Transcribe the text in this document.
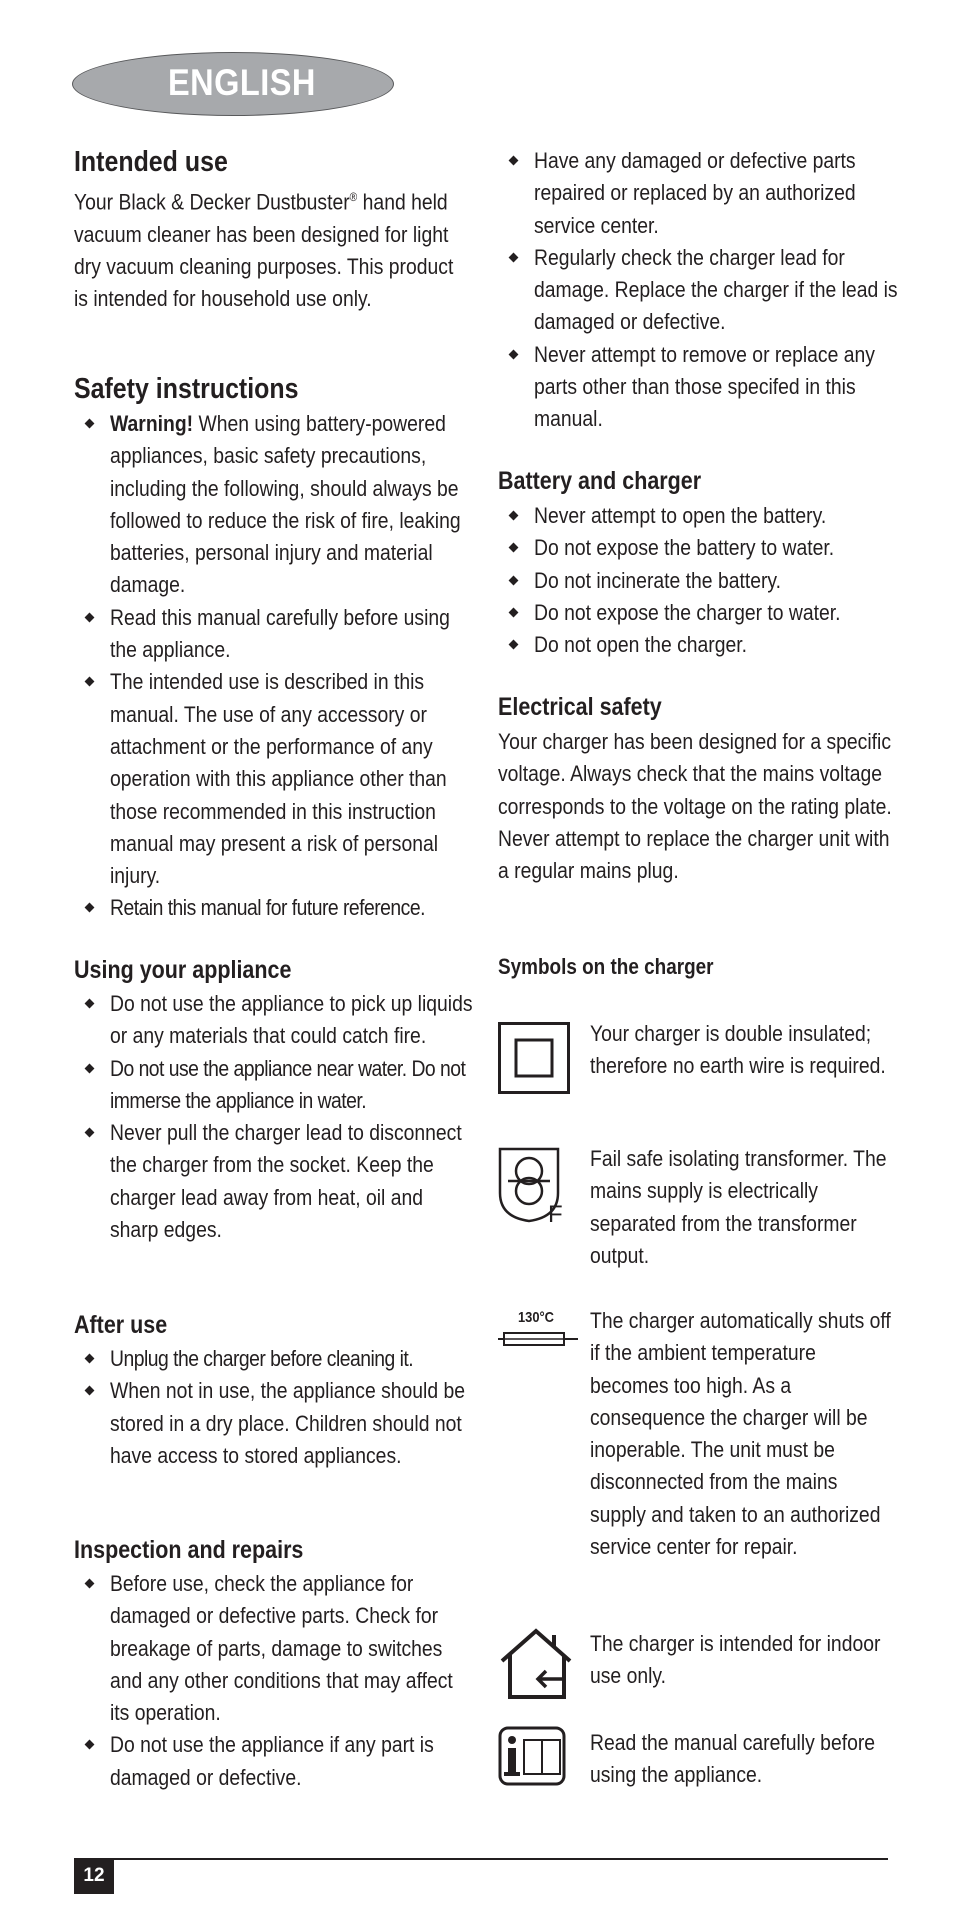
ENGLISH
Intended use
Your Black & Decker Dustbuster® hand held vacuum cleaner has been designed for light dry vacuum cleaning purposes. This product is intended for household use only.
Safety instructions
Warning! When using battery-powered appliances, basic safety precautions, including the following, should always be followed to reduce the risk of fire, leaking batteries, personal injury and material damage.
Read this manual carefully before using the appliance.
The intended use is described in this manual. The use of any accessory or attachment or the performance of any operation with this appliance other than those recommended in this instruction manual may present a risk of personal injury.
Retain this manual for future reference.
Using your appliance
Do not use the appliance to pick up liquids or any materials that could catch fire.
Do not use the appliance near water. Do not immerse the appliance in water.
Never pull the charger lead to disconnect the charger from the socket. Keep the charger lead away from heat, oil and sharp edges.
After use
Unplug the charger before cleaning it.
When not in use, the appliance should be stored in a dry place. Children should not have access to stored appliances.
Inspection and repairs
Before use, check the appliance for damaged or defective parts. Check for breakage of parts, damage to switches and any other conditions that may affect its operation.
Do not use the appliance if any part is damaged or defective.
Have any damaged or defective parts repaired or replaced by an authorized service center.
Regularly check the charger lead for damage. Replace the charger if the lead is damaged or defective.
Never attempt to remove or replace any parts other than those specifed in this manual.
Battery and charger
Never attempt to open the battery.
Do not expose the battery to water.
Do not incinerate the battery.
Do not expose the charger to water.
Do not open the charger.
Electrical safety
Your charger has been designed for a specific voltage. Always check that the mains voltage corresponds to the voltage on the rating plate. Never attempt to replace the charger unit with a regular mains plug.
Symbols on the charger
Your charger is double insulated; therefore no earth wire is required.
F
Fail safe isolating transformer. The mains supply is electrically separated from the transformer output.
130°C The charger automatically shuts off if the ambient temperature becomes too high. As a consequence the charger will be inoperable. The unit must be disconnected from the mains supply and taken to an authorized service center for repair.
The charger is intended for indoor use only.
Read the manual carefully before using the appliance.
12
